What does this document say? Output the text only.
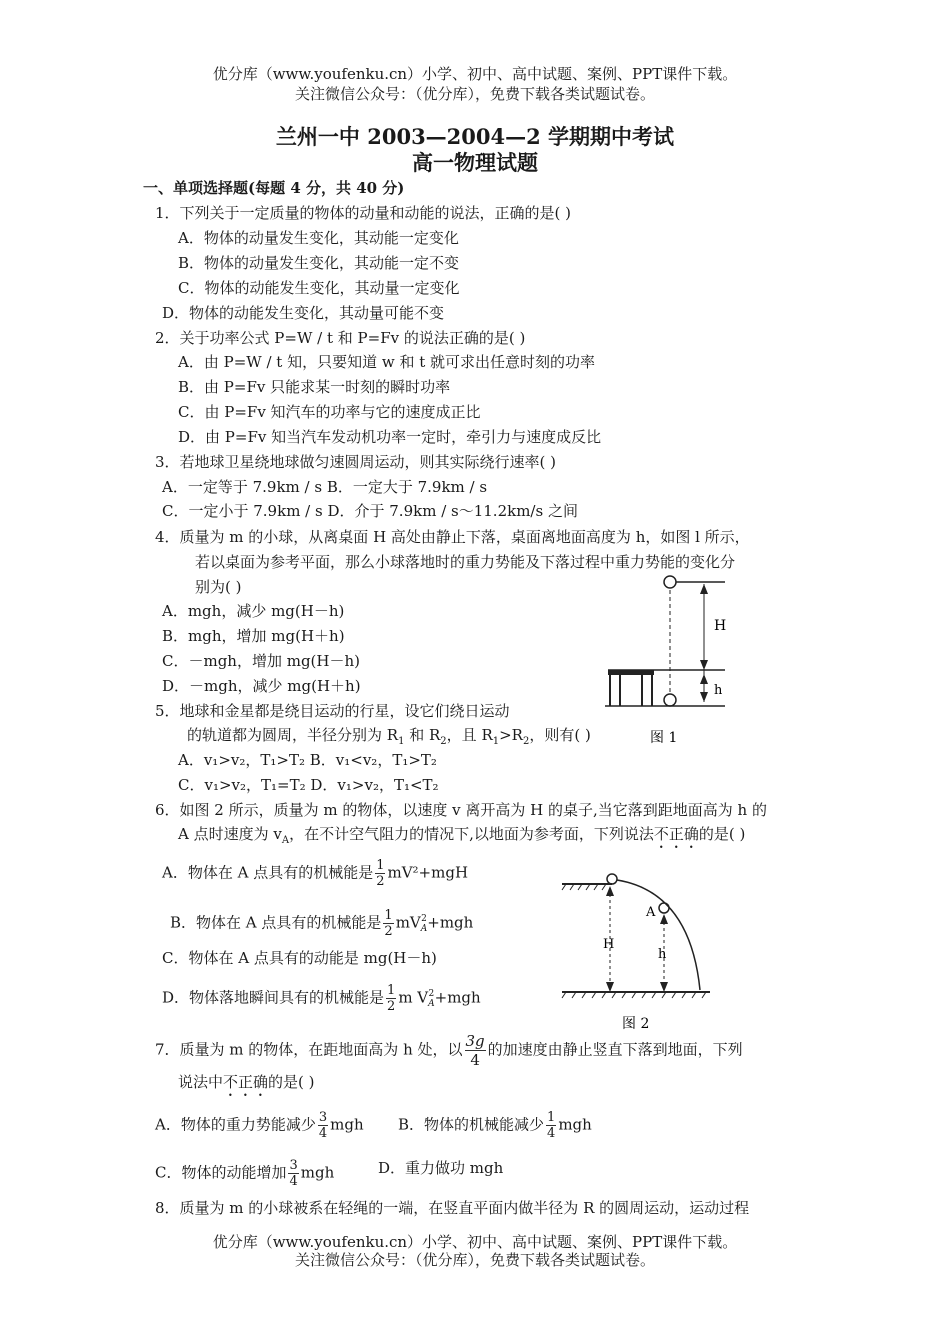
优分库（www.youfenku.cn）小学、初中、高中试题、案例、PPT课件下载。
关注微信公众号：（优分库），免费下载各类试题试卷。
兰州一中 2003—2004—2 学期期中考试
高一物理试题
一、单项选择题(每题 4 分，共 40 分)
1．下列关于一定质量的物体的动量和动能的说法，正确的是( )
A．物体的动量发生变化，其动能一定变化
B．物体的动量发生变化，其动能一定不变
C．物体的动能发生变化，其动量一定变化
D．物体的动能发生变化，其动量可能不变
2．关于功率公式 P=W / t 和 P=Fv 的说法正确的是( )
A．由 P=W / t 知，只要知道 w 和 t 就可求出任意时刻的功率
B．由 P=Fv 只能求某一时刻的瞬时功率
C．由 P=Fv 知汽车的功率与它的速度成正比
D．由 P=Fv 知当汽车发动机功率一定时，牵引力与速度成反比
3．若地球卫星绕地球做匀速圆周运动，则其实际绕行速率( )
A．一定等于 7.9km / s B．一定大于 7.9km / s
C．一定小于 7.9km / s D．介于 7.9km / s～11.2km/s 之间
4．质量为 m 的小球，从离桌面 H 高处由静止下落，桌面离地面高度为 h，如图 l 所示，
若以桌面为参考平面，那么小球落地时的重力势能及下落过程中重力势能的变化分
别为( )
A．mgh，减少 mg(H－h)
B．mgh，增加 mg(H＋h)
C．－mgh，增加 mg(H－h)
D．－mgh，减少 mg(H＋h)
H
h
图 1
5．地球和金星都是绕目运动的行星，设它们绕日运动
的轨道都为圆周，半径分别为 $R_1$ 和 $R_2$，且 $R_1>R_2$，则有( )
A．v₁>v₂，T₁>T₂ B．v₁<v₂，T₁>T₂
C．v₁>v₂，T₁=T₂ D．v₁>v₂，T₁<T₂
6．如图 2 所示，质量为 m 的物体，以速度 v 离开高为 H 的桌子,当它落到距地面高为 h 的
A 点时速度为 $v_A$，在不计空气阻力的情况下,以地面为参考面，下列说法不正确的是( )
A．物体在 A 点具有的机械能是 $\frac{1}{2} mV^2+mgH$
B．物体在 A 点具有的机械能是 $\frac{1}{2}$ mV 2
A +mgh
C．物体在 A 点具有的动能是 mg(H－h)
D．物体落地瞬间具有的机械能是 $\frac{1}{2}$ m V 2
A +mgh
A
H
h
图 2
7．质量为 m 的物体，在距地面高为 h 处，以 $\frac{3g}{4}$ 的加速度由静止竖直下落到地面，下列
说法中不正确的是( )
A．物体的重力势能减少 $\frac{3}{4}$ mgh B．物体的机械能减少 $\frac{1}{4}$ mgh
C．物体的动能增加 $\frac{3}{4}$ mgh	D．重力做功 mgh
8．质量为 m 的小球被系在轻绳的一端，在竖直平面内做半径为 R 的圆周运动，运动过程
优分库（www.youfenku.cn）小学、初中、高中试题、案例、PPT课件下载。
关注微信公众号：（优分库），免费下载各类试题试卷。
